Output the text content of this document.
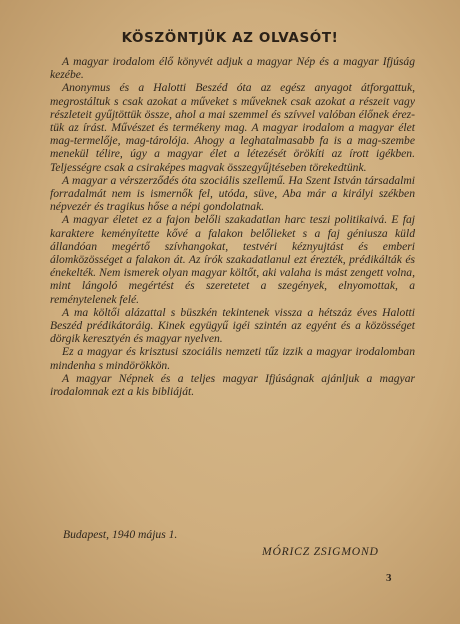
KÖSZÖNTJÜK AZ OLVASÓT!

A magyar irodalom élő könyvét adjuk a magyar Nép és a magyar Ifjúság kezébe.

Anonymus és a Halotti Beszéd óta az egész anyagot átforgattuk, megrostáltuk s csak azokat a műveket s műveknek csak azokat a részeit vagy részleteit gyűjtöttük össze, ahol a mai szemmel és szívvel valóban élőnek érez-tük az írást. Művészet és termékeny mag. A magyar irodalom a magyar élet mag-termelője, mag-tárolója. Ahogy a leghatalmasabb fa is a mag-szembe menekül télire, úgy a magyar élet a létezését örökíti az írott igékben. Teljességre csak a csiraképes magvak összegyűjtéseben törekedtünk.

A magyar a vérszerződés óta szociális szellemű. Ha Szent István társadalmi forradalmát nem is ismernők fel, utóda, süve, Aba már a királyi székben népvezér és tragikus hőse a népi gondolatnak.

A magyar életet ez a fajon belőli szakadatlan harc teszi politikaivá. E faj karaktere keményítette kővé a falakon belőlieket s a faj géniusza küld állandóan megértő szívhangokat, testvéri kéznyujtást és emberi álomközösséget a falakon át. Az írók szakadatlanul ezt érezték, prédikálták és énekelték. Nem ismerek olyan magyar költőt, aki valaha is mást zengett volna, mint lángoló megértést és szeretetet a szegények, elnyomottak, a reménytelenek felé.

A ma költői alázattal s büszkén tekintenek vissza a hétszáz éves Halotti Beszéd prédikátoráig. Kinek együgyű igéi szintén az egyént és a közösséget dörgik keresztyén és magyar nyelven.

Ez a magyar és krisztusi szociális nemzeti tűz izzik a magyar irodalomban mindenha s mindörökkön.

A magyar Népnek és a teljes magyar Ifjúságnak ajánljuk a magyar irodalomnak ezt a kis bibliáját.

Budapest, 1940 május 1.
MÓRICZ ZSIGMOND
3
